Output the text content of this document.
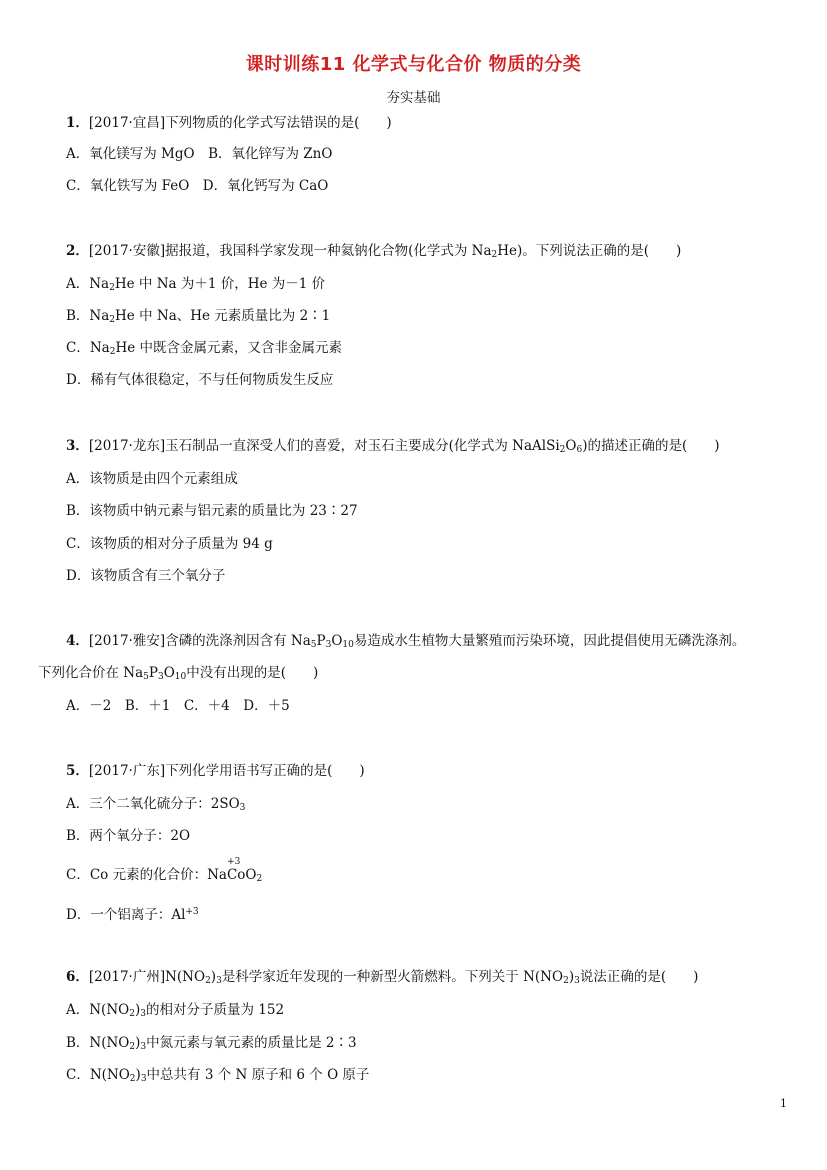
课时训练11 化学式与化合价 物质的分类
夯实基础
1．[2017·宜昌]下列物质的化学式写法错误的是(　　)
A．氧化镁写为 MgO　B．氧化锌写为 ZnO
C．氧化铁写为 FeO　D．氧化钙写为 CaO
2．[2017·安徽]据报道，我国科学家发现一种氦钠化合物(化学式为 $Na_2He$)。下列说法正确的是(　　)
A．$Na_2He$ 中 Na 为＋1 价，He 为－1 价
B．$Na_2He$ 中 Na、He 元素质量比为 2∶1
C．$Na_2He$ 中既含金属元素，又含非金属元素
D．稀有气体很稳定，不与任何物质发生反应
3．[2017·龙东]玉石制品一直深受人们的喜爱，对玉石主要成分(化学式为 $NaAlSi_2O_6$)的描述正确的是(　　)
A．该物质是由四个元素组成
B．该物质中钠元素与铝元素的质量比为 23∶27
C．该物质的相对分子质量为 94 g
D．该物质含有三个氧分子
4．[2017·雅安]含磷的洗涤剂因含有 $Na_5P_3O_{10}$易造成水生植物大量繁殖而污染环境，因此提倡使用无磷洗涤剂。
下列化合价在 $Na_5P_3O_{10}$中没有出现的是(　　)
A．－2　B．＋1　C．＋4　D．＋5
5．[2017·广东]下列化学用语书写正确的是(　　)
A．三个二氧化硫分子：$2SO_3$
B．两个氧分子：2O
C．Co 元素的化合价：
+3
NaCoO$_2$
D．一个铝离子：$Al^{+3}$
6．[2017·广州]$N(NO_2)_3$是科学家近年发现的一种新型火箭燃料。下列关于 $N(NO_2)_3$说法正确的是(　　)
A．$N(NO_2)_3$的相对分子质量为 152
B．$N(NO_2)_3$中氮元素与氧元素的质量比是 2∶3
C．$N(NO_2)_3$中总共有 3 个 N 原子和 6 个 O 原子
1
